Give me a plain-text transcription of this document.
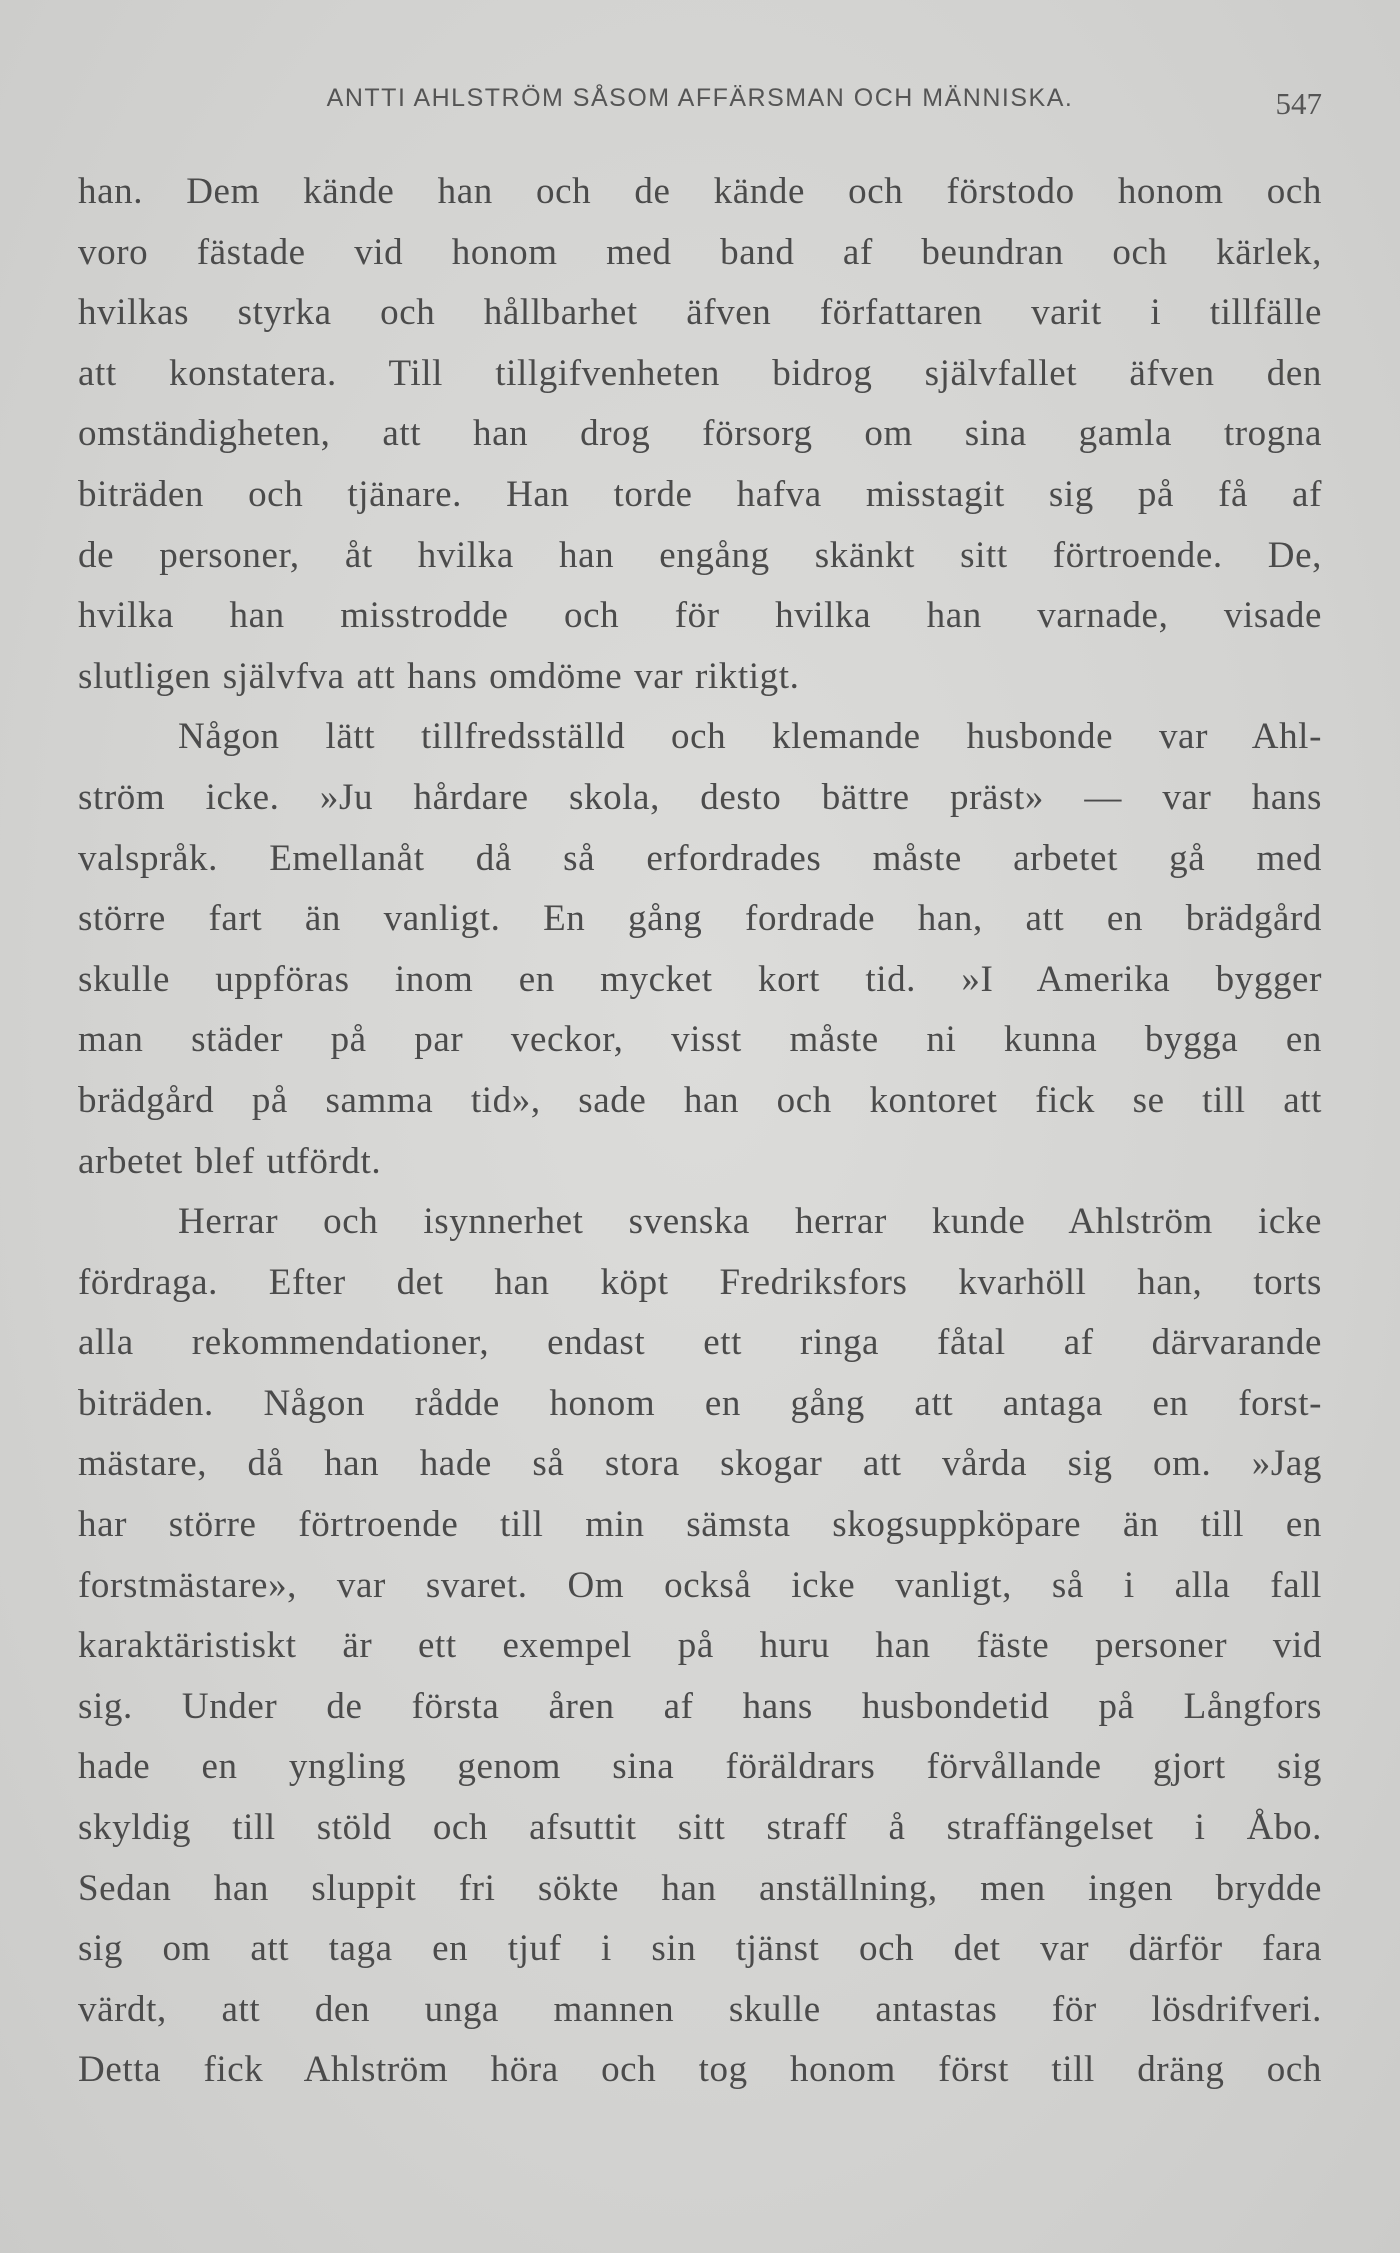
ANTTI AHLSTRÖM SÅSOM AFFÄRSMAN OCH MÄNNISKA.	547
han. Dem kände han och de kände och förstodo honom och
voro fästade vid honom med band af beundran och kärlek,
hvilkas styrka och hållbarhet äfven författaren varit i tillfälle
att konstatera. Till tillgifvenheten bidrog självfallet äfven den
omständigheten, att han drog försorg om sina gamla trogna
biträden och tjänare. Han torde hafva misstagit sig på få af
de personer, åt hvilka han engång skänkt sitt förtroende. De,
hvilka han misstrodde och för hvilka han varnade, visade
slutligen självfva att hans omdöme var riktigt.
Någon lätt tillfredsställd och klemande husbonde var Ahl-
ström icke. »Ju hårdare skola, desto bättre präst» — var hans
valspråk. Emellanåt då så erfordrades måste arbetet gå med
större fart än vanligt. En gång fordrade han, att en brädgård
skulle uppföras inom en mycket kort tid. »I Amerika bygger
man städer på par veckor, visst måste ni kunna bygga en
brädgård på samma tid», sade han och kontoret fick se till att
arbetet blef utfördt.
Herrar och isynnerhet svenska herrar kunde Ahlström icke
fördraga. Efter det han köpt Fredriksfors kvarhöll han, torts
alla rekommendationer, endast ett ringa fåtal af därvarande
biträden. Någon rådde honom en gång att antaga en forst-
mästare, då han hade så stora skogar att vårda sig om. »Jag
har större förtroende till min sämsta skogsuppköpare än till en
forstmästare», var svaret. Om också icke vanligt, så i alla fall
karaktäristiskt är ett exempel på huru han fäste personer vid
sig. Under de första åren af hans husbondetid på Långfors
hade en yngling genom sina föräldrars förvållande gjort sig
skyldig till stöld och afsuttit sitt straff å straffängelset i Åbo.
Sedan han sluppit fri sökte han anställning, men ingen brydde
sig om att taga en tjuf i sin tjänst och det var därför fara
värdt, att den unga mannen skulle antastas för lösdrifveri.
Detta fick Ahlström höra och tog honom först till dräng och
